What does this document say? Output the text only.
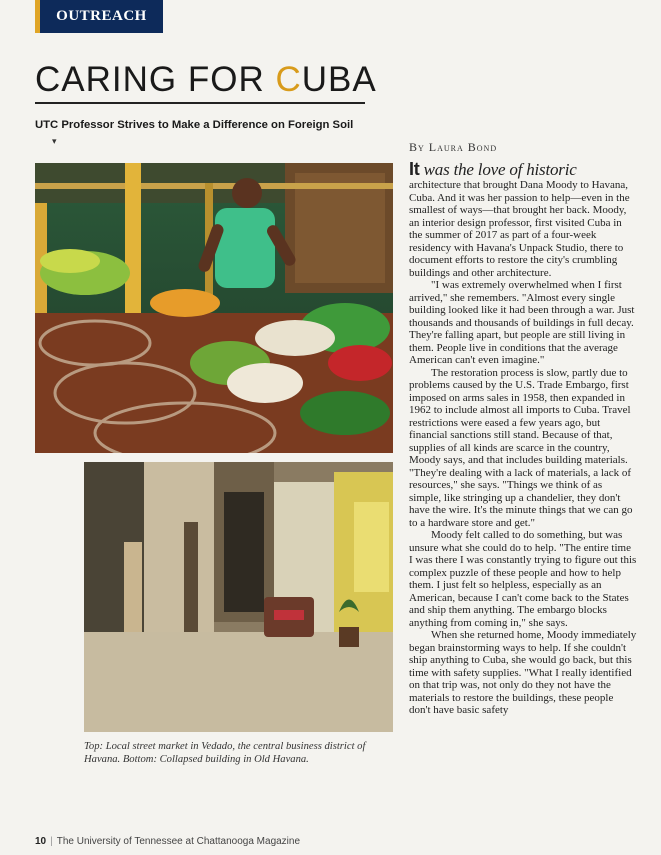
OUTREACH
CARING FOR CUBA
UTC Professor Strives to Make a Difference on Foreign Soil
▾
Top: Local street market in Vedado, the central business district of Havana. Bottom: Collapsed building in Old Havana.
By Laura Bond
It was the love of historic

architecture that brought Dana Moody to Havana, Cuba. And it was her passion to help—even in the smallest of ways—that brought her back. Moody, an interior design professor, first visited Cuba in the summer of 2017 as part of a four-week residency with Havana's Unpack Studio, there to document efforts to restore the city's crumbling buildings and other architecture.

"I was extremely overwhelmed when I first arrived," she remembers. "Almost every single building looked like it had been through a war. Just thousands and thousands of buildings in full decay. They're falling apart, but people are still living in them. People live in conditions that the average American can't even imagine."

The restoration process is slow, partly due to problems caused by the U.S. Trade Embargo, first imposed on arms sales in 1958, then expanded in 1962 to include almost all imports to Cuba. Travel restrictions were eased a few years ago, but financial sanctions still stand. Because of that, supplies of all kinds are scarce in the country, Moody says, and that includes building materials. "They're dealing with a lack of materials, a lack of resources," she says. "Things we think of as simple, like stringing up a chandelier, they don't have the wire. It's the minute things that we can go to a hardware store and get."

Moody felt called to do something, but was unsure what she could do to help. "The entire time I was there I was constantly trying to figure out this complex puzzle of these people and how to help them. I just felt so helpless, especially as an American, because I can't come back to the States and ship them anything. The embargo blocks anything from coming in," she says.

When she returned home, Moody immediately began brainstorming ways to help. If she couldn't ship anything to Cuba, she would go back, but this time with safety supplies. "What I really identified on that trip was, not only do they not have the materials to restore the buildings, these people don't have basic safety

10 | The University of Tennessee at Chattanooga Magazine
